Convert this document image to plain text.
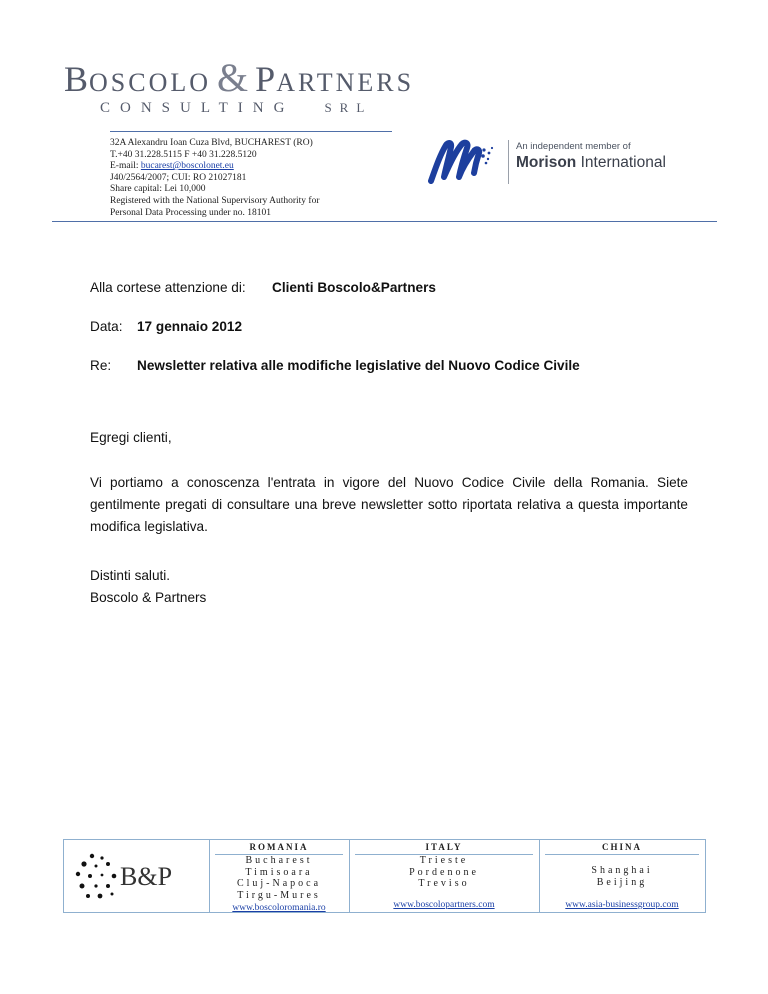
BOSCOLO & PARTNERS
CONSULTING SRL
32A Alexandru Ioan Cuza Blvd, BUCHAREST (RO)
T.+40 31.228.5115 F +40 31.228.5120
E-mail: bucarest@boscolonet.eu
J40/2564/2007; CUI: RO 21027181
Share capital: Lei 10,000
Registered with the National Supervisory Authority for
Personal Data Processing under no. 18101
An independent member of
Morison International
Alla cortese attenzione di: Clienti Boscolo&Partners
Data: 17 gennaio 2012
Re: Newsletter relativa alle modifiche legislative del Nuovo Codice Civile
Egregi clienti,
Vi portiamo a conoscenza l'entrata in vigore del Nuovo Codice Civile della Romania. Siete gentilmente pregati di consultare una breve newsletter sotto riportata relativa a questa importante modifica legislativa.
Distinti saluti.
Boscolo & Partners
B&P
ROMANIA
Bucharest
Timisoara
Cluj-Napoca
Tirgu-Mures
www.boscoloromania.ro
ITALY
Trieste
Pordenone
Treviso
www.boscolopartners.com
CHINA
Shanghai
Beijing
www.asia-businessgroup.com
